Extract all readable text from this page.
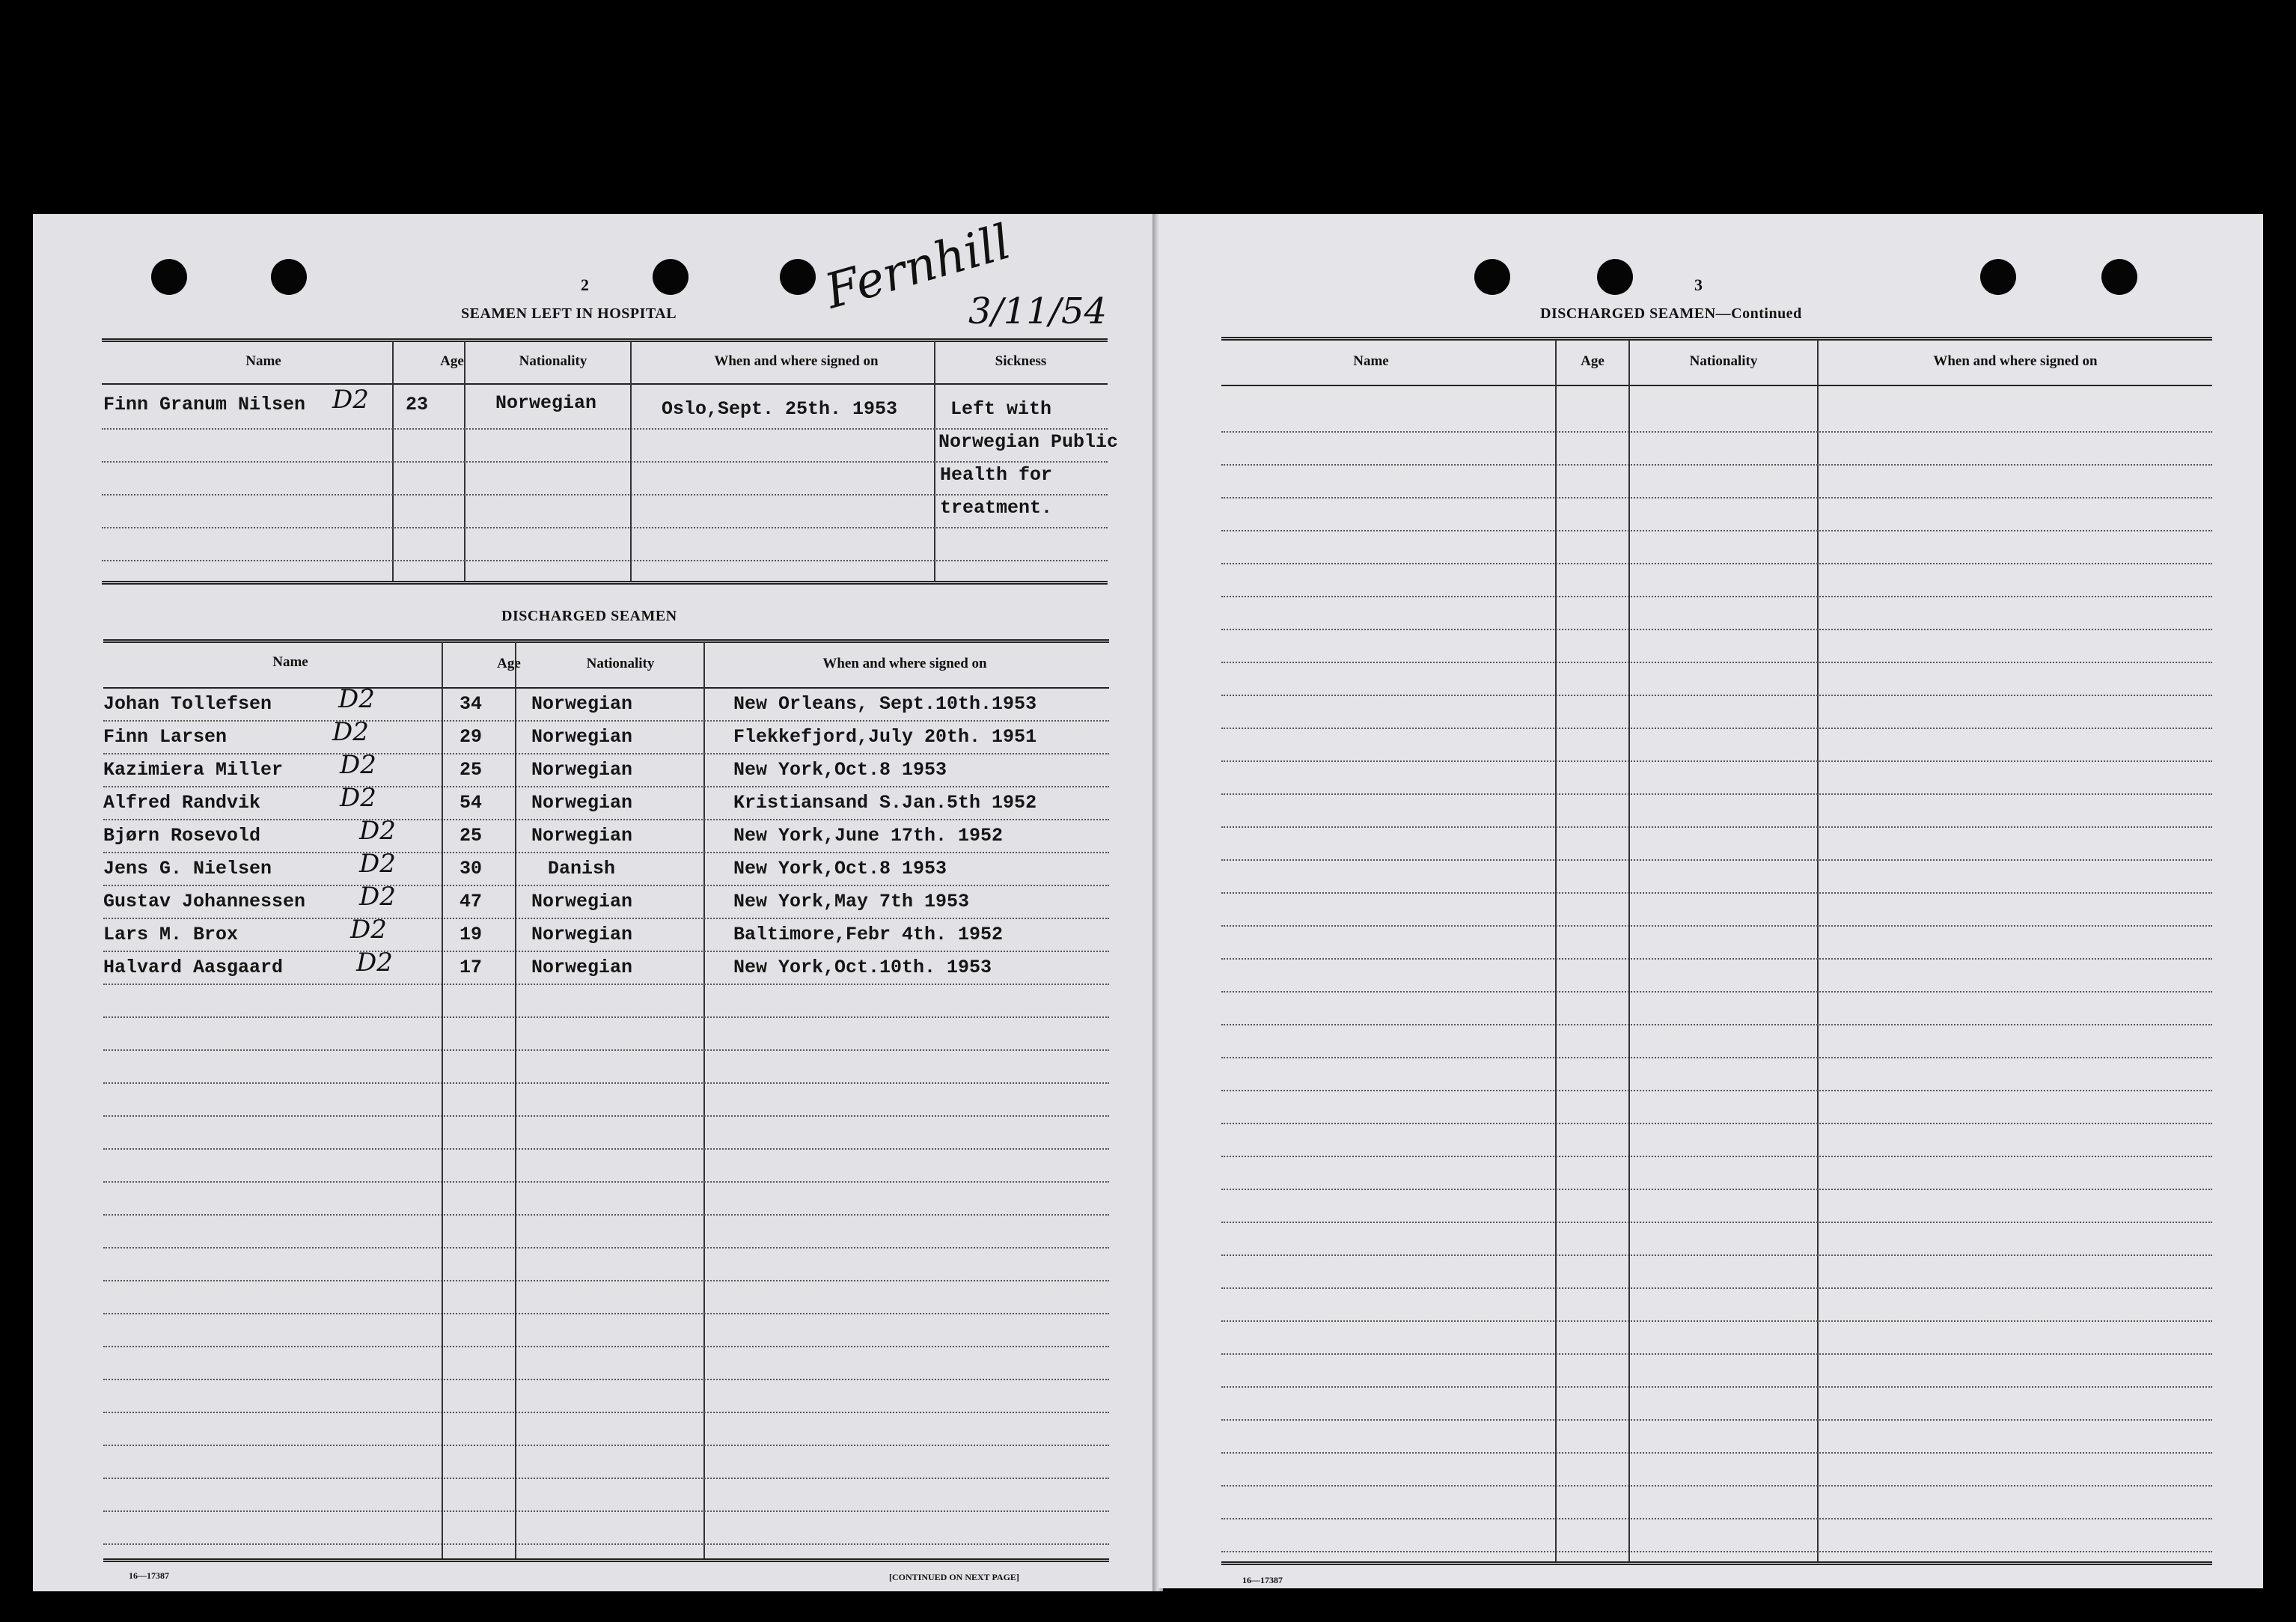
2
SEAMEN LEFT IN HOSPITAL	Fernhill
3/11/54
Name	Age	Nationality	When and where signed on	Sickness
Finn Granum Nilsen D2 23	Norwegian	Oslo,Sept. 25th. 1953	Left with
Norwegian Public
Health for
treatment.
DISCHARGED SEAMEN
Name	Age	Nationality	When and where signed on
Johan Tollefsen	D2	34	Norwegian	New Orleans, Sept.10th.1953
Finn Larsen	D2	29	Norwegian	Flekkefjord,July 20th. 1951
Kazimiera Miller D2	25	Norwegian	New York,Oct.8 1953
Alfred Randvik	D2	54	Norwegian	Kristiansand S.Jan.5th 1952
Bjørn Rosevold	D2	25	Norwegian	New York,June 17th. 1952
Jens G. Nielsen	D2	30	Danish	New York,Oct.8 1953
Gustav Johannessen D2	47	Norwegian	New York,May 7th 1953
Lars M. Brox	D2	19	Norwegian	Baltimore,Febr 4th. 1952
Halvard Aasgaard	D2	17	Norwegian	New York,Oct.10th. 1953
16—17387	[CONTINUED ON NEXT PAGE]
3
DISCHARGED SEAMEN—Continued
Name	Age	Nationality	When and where signed on
16—17387
